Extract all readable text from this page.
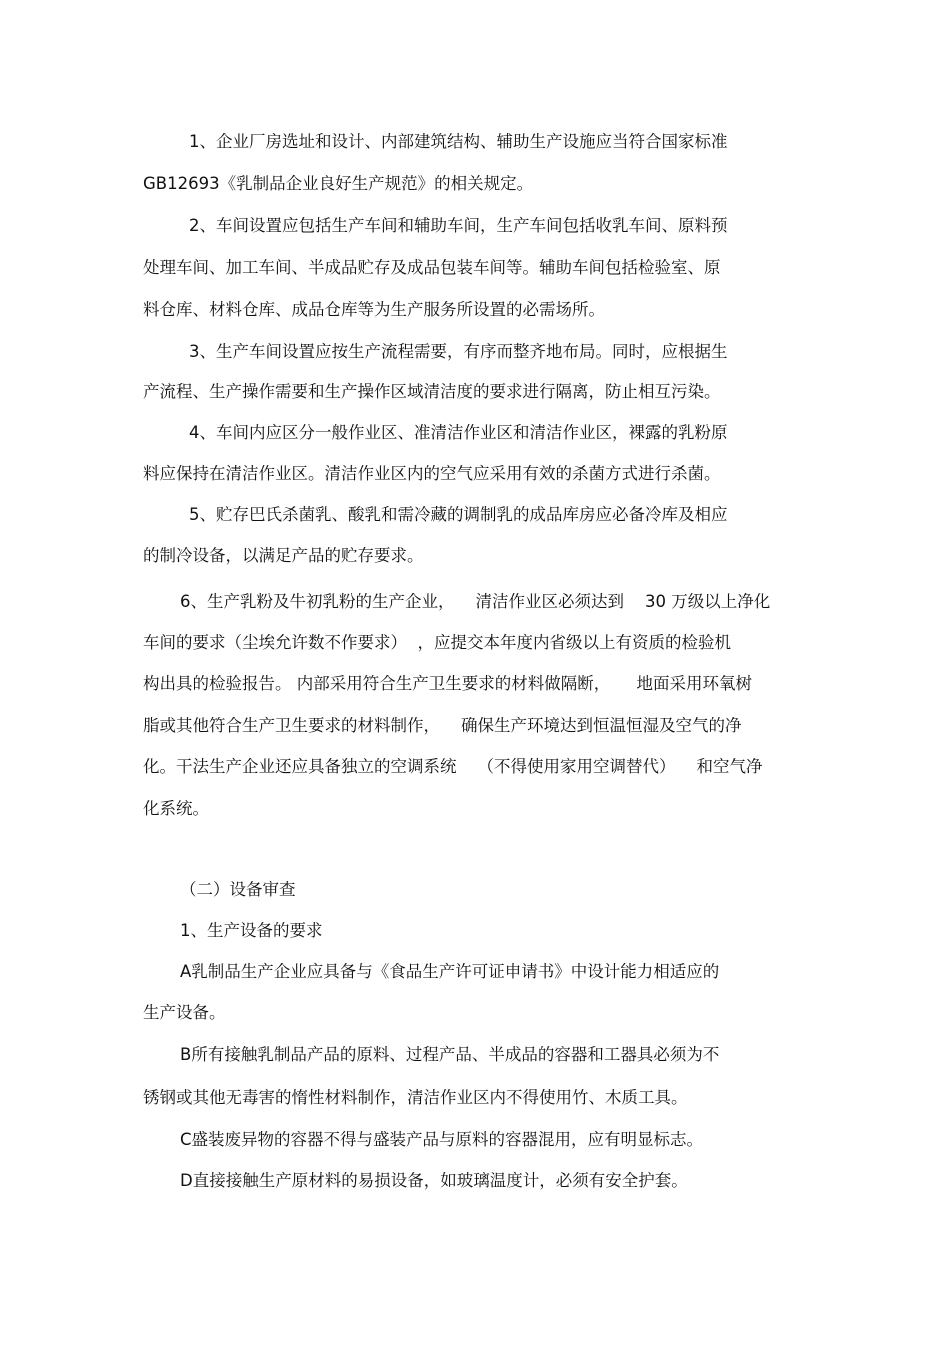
1、企业厂房选址和设计、内部建筑结构、辅助生产设施应当符合国家标准
GB12693《乳制品企业良好生产规范》的相关规定。
2、车间设置应包括生产车间和辅助车间，生产车间包括收乳车间、原料预
处理车间、加工车间、半成品贮存及成品包装车间等。辅助车间包括检验室、原
料仓库、材料仓库、成品仓库等为生产服务所设置的必需场所。
3、生产车间设置应按生产流程需要，有序而整齐地布局。同时，应根据生
产流程、生产操作需要和生产操作区域清洁度的要求进行隔离，防止相互污染。
4、车间内应区分一般作业区、准清洁作业区和清洁作业区，裸露的乳粉原
料应保持在清洁作业区。清洁作业区内的空气应采用有效的杀菌方式进行杀菌。
5、贮存巴氏杀菌乳、酸乳和需冷藏的调制乳的成品库房应必备冷库及相应
的制冷设备，以满足产品的贮存要求。
6、生产乳粉及牛初乳粉的生产企业，    清洁作业区必须达到    30 万级以上净化
车间的要求（尘埃允许数不作要求）  ，应提交本年度内省级以上有资质的检验机
构出具的检验报告。 内部采用符合生产卫生要求的材料做隔断，     地面采用环氧树
脂或其他符合生产卫生要求的材料制作，    确保生产环境达到恒温恒湿及空气的净
化。干法生产企业还应具备独立的空调系统    （不得使用家用空调替代）    和空气净
化系统。
（二）设备审查
1、生产设备的要求
A乳制品生产企业应具备与《食品生产许可证申请书》中设计能力相适应的
生产设备。
B所有接触乳制品产品的原料、过程产品、半成品的容器和工器具必须为不
锈钢或其他无毒害的惰性材料制作，清洁作业区内不得使用竹、木质工具。
C盛装废异物的容器不得与盛装产品与原料的容器混用，应有明显标志。
D直接接触生产原材料的易损设备，如玻璃温度计，必须有安全护套。
